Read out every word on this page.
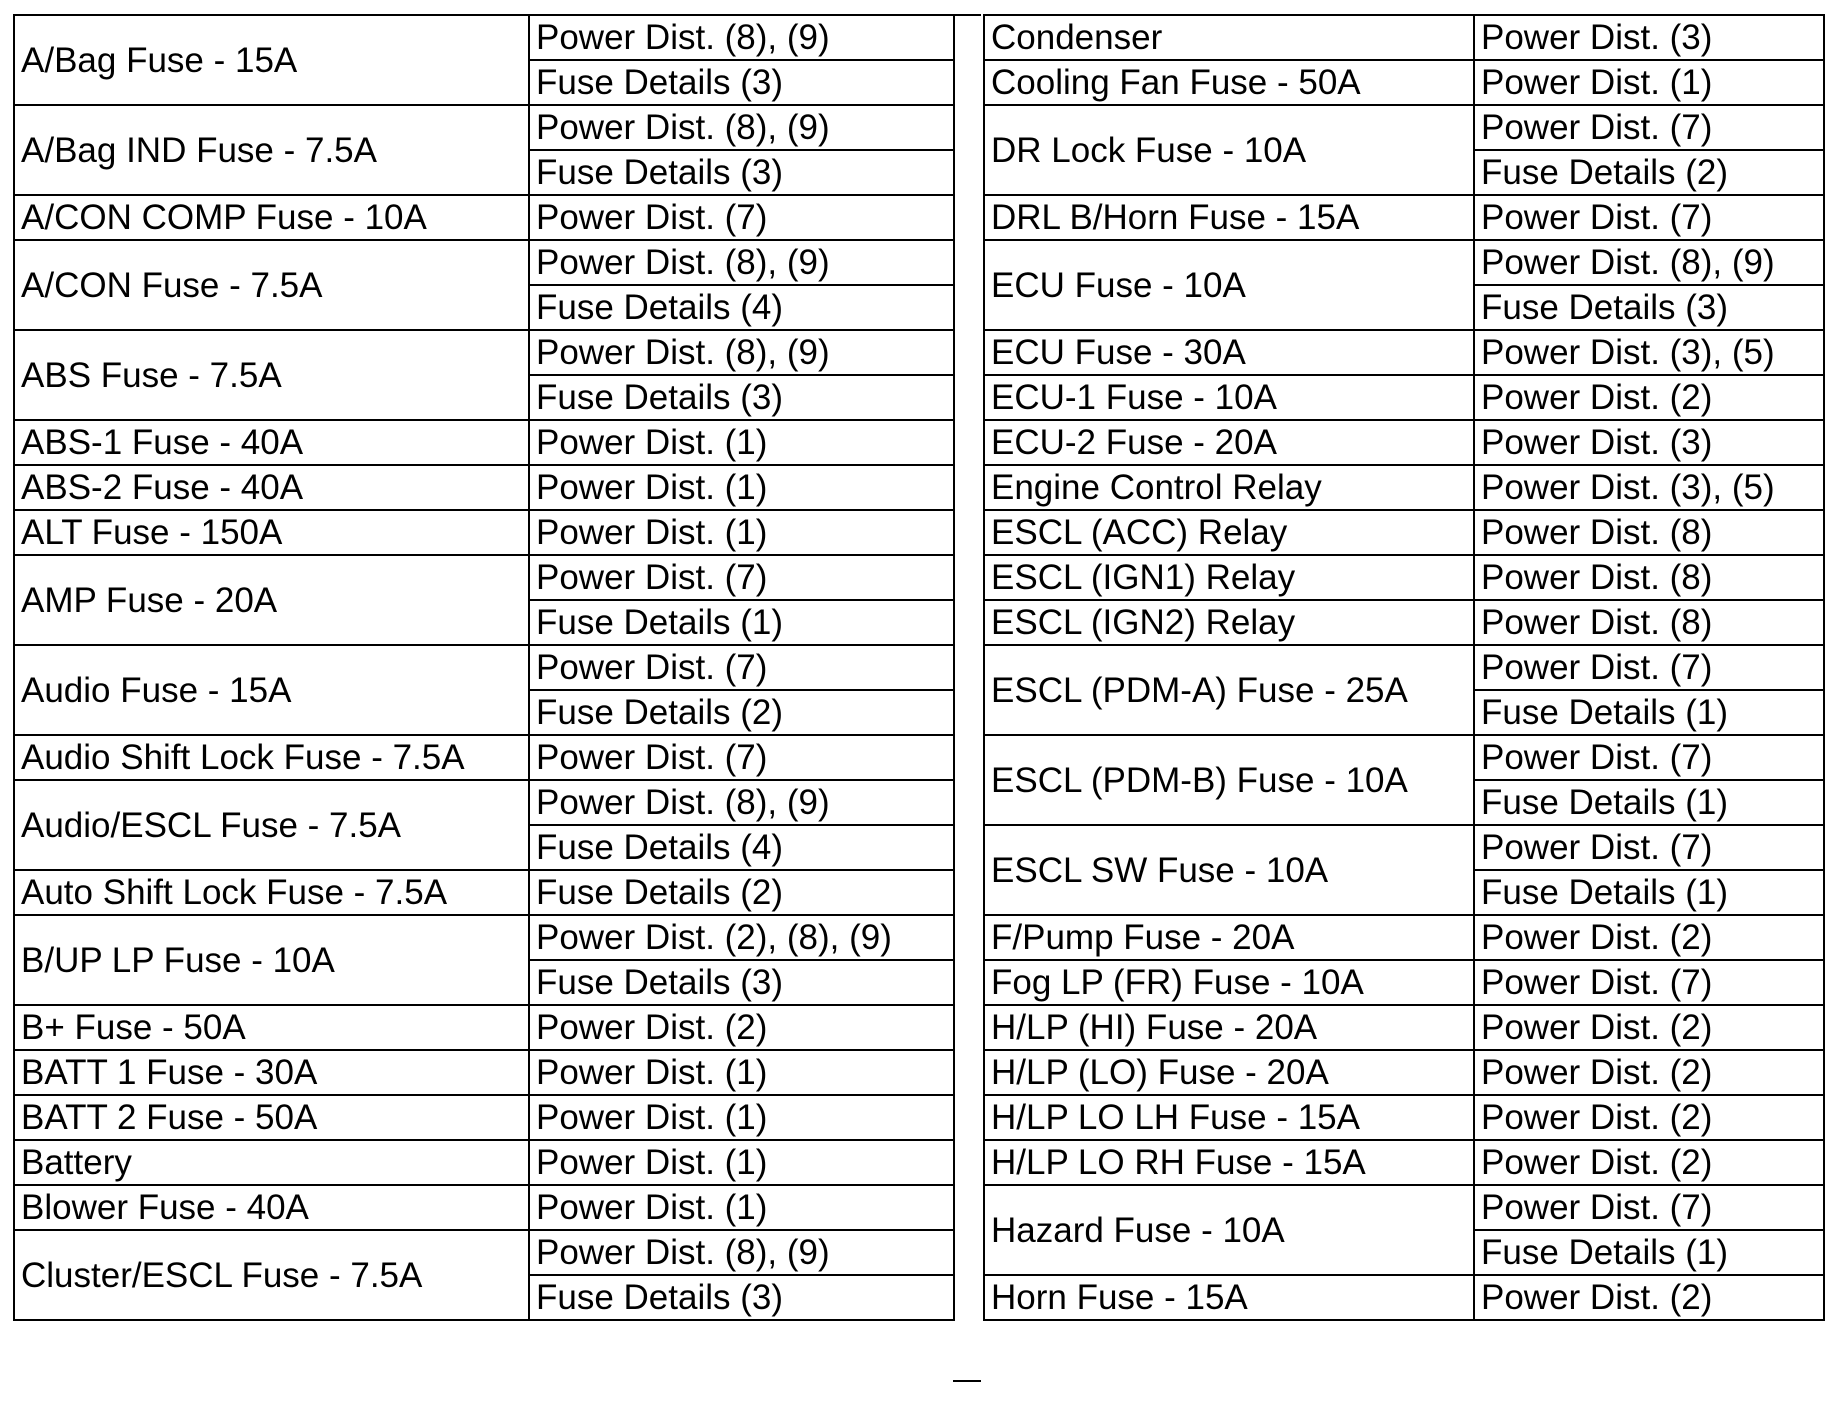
A/Bag Fuse - 15A	Power Dist. (8), (9)
	Fuse Details (3)
A/Bag IND Fuse - 7.5A	Power Dist. (8), (9)
	Fuse Details (3)
A/CON COMP Fuse - 10A	Power Dist. (7)
A/CON Fuse - 7.5A	Power Dist. (8), (9)
	Fuse Details (4)
ABS Fuse - 7.5A	Power Dist. (8), (9)
	Fuse Details (3)
ABS-1 Fuse - 40A	Power Dist. (1)
ABS-2 Fuse - 40A	Power Dist. (1)
ALT Fuse - 150A	Power Dist. (1)
AMP Fuse - 20A	Power Dist. (7)
	Fuse Details (1)
Audio Fuse - 15A	Power Dist. (7)
	Fuse Details (2)
Audio Shift Lock Fuse - 7.5A	Power Dist. (7)
Audio/ESCL Fuse - 7.5A	Power Dist. (8), (9)
	Fuse Details (4)
Auto Shift Lock Fuse - 7.5A	Fuse Details (2)
B/UP LP Fuse - 10A	Power Dist. (2), (8), (9)
	Fuse Details (3)
B+ Fuse - 50A	Power Dist. (2)
BATT 1 Fuse - 30A	Power Dist. (1)
BATT 2 Fuse - 50A	Power Dist. (1)
Battery	Power Dist. (1)
Blower Fuse - 40A	Power Dist. (1)
Cluster/ESCL Fuse - 7.5A	Power Dist. (8), (9)
	Fuse Details (3)
Condenser	Power Dist. (3)
Cooling Fan Fuse - 50A	Power Dist. (1)
DR Lock Fuse - 10A	Power Dist. (7)
	Fuse Details (2)
DRL B/Horn Fuse - 15A	Power Dist. (7)
ECU Fuse - 10A	Power Dist. (8), (9)
	Fuse Details (3)
ECU Fuse - 30A	Power Dist. (3), (5)
ECU-1 Fuse - 10A	Power Dist. (2)
ECU-2 Fuse - 20A	Power Dist. (3)
Engine Control Relay	Power Dist. (3), (5)
ESCL (ACC) Relay	Power Dist. (8)
ESCL (IGN1) Relay	Power Dist. (8)
ESCL (IGN2) Relay	Power Dist. (8)
ESCL (PDM-A) Fuse - 25A	Power Dist. (7)
	Fuse Details (1)
ESCL (PDM-B) Fuse - 10A	Power Dist. (7)
	Fuse Details (1)
ESCL SW Fuse - 10A	Power Dist. (7)
	Fuse Details (1)
F/Pump Fuse - 20A	Power Dist. (2)
Fog LP (FR) Fuse - 10A	Power Dist. (7)
H/LP (HI) Fuse - 20A	Power Dist. (2)
H/LP (LO) Fuse - 20A	Power Dist. (2)
H/LP LO LH Fuse - 15A	Power Dist. (2)
H/LP LO RH Fuse - 15A	Power Dist. (2)
Hazard Fuse - 10A	Power Dist. (7)
	Fuse Details (1)
Horn Fuse - 15A	Power Dist. (2)
